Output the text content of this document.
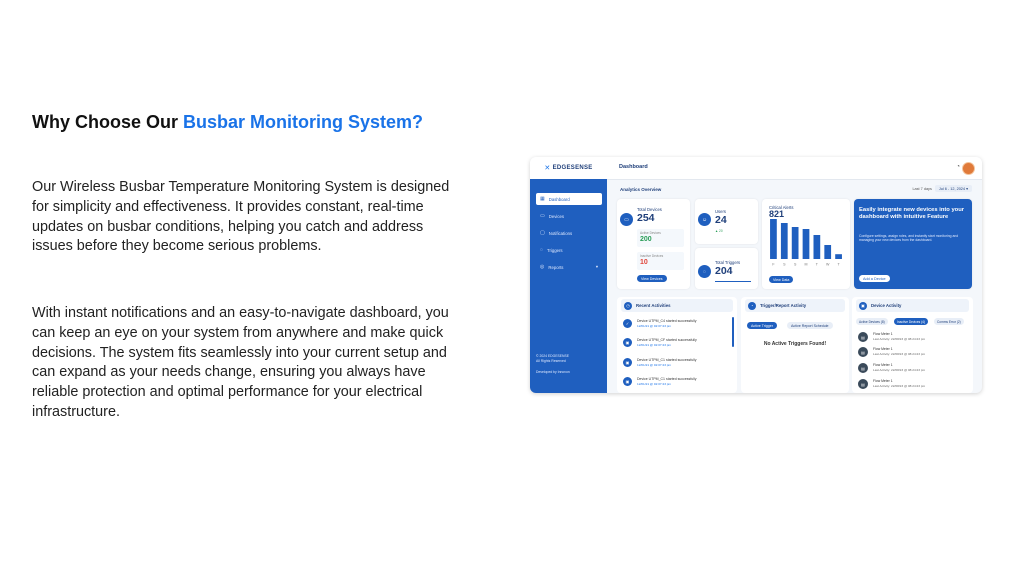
Why Choose Our Busbar Monitoring System?
Our Wireless Busbar Temperature Monitoring System is designed for simplicity and effectiveness. It provides constant, real-time updates on busbar conditions, helping you catch and address issues before they become serious problems.
With instant notifications and an easy-to-navigate dashboard, you can keep an eye on your system from anywhere and make quick decisions. The system fits seamlessly into your current setup and can expand as your needs change, ensuring you always have reliable protection and optimal performance for your electrical infrastructure.
✕ EDGESENSE	Dashboard	◔
▦ Dashboard
▭ Devices
▢ Notifications
◌ Triggers
◎ Reports	▾
© 2024 EDGESENSE
All Rights Reserved
Developed by Innovon
Analytics Overview	Last 7 days Jul 6 - 12, 2024 ▾
▭
Total Devices
254
Active Devices
200
Inactive Devices
10
View Devices
☺
Users
24
▲ 20
◌
Total Triggers
204
Critical Alerts
821
F S S M T W T
View Data
Easily integrate new devices into your dashboard with intuitive Feature
Configure settings, assign roles, and instantly start monitoring and managing your new devices from the dashboard.
Add a Device
◷	Recent Activities
✓	Device UTPM_C4 started successfully
12/01/21 @ 02:07:23 pm
▣	Device UTPM_CF started successfully
12/01/21 @ 02:07:23 pm
▣	Device UTPM_C1 started successfully
12/01/21 @ 02:07:23 pm
▣	Device UTPM_C1 started successfully
12/01/21 @ 02:07:23 pm
◔	Trigger/Report Activity
Active Trigger	Active Report Schedule
No Active Triggers Found!
▣	Device Activity
Active Devices (8)	Inactive Devices (4)	Comms Error (2)
▤
Flow Meter 1
Last Activity: 22/08/23 @ 08:24:23 pm
▤
Flow Meter 1
Last Activity: 22/08/23 @ 08:24:23 pm
▤
Flow Meter 1
Last Activity: 22/08/23 @ 08:24:23 pm
▤
Flow Meter 1
Last Activity: 22/08/23 @ 08:24:23 pm
